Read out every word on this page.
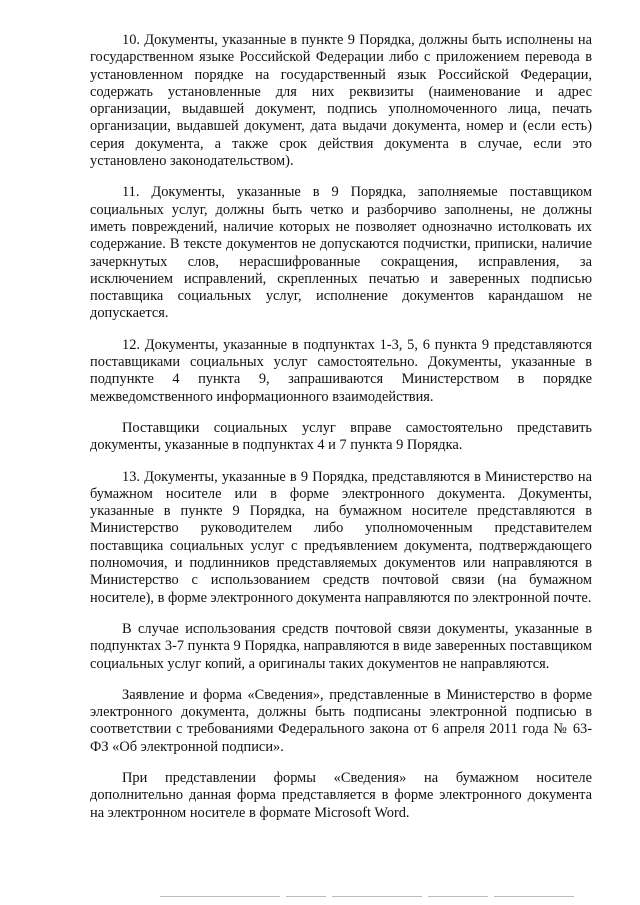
10. Документы, указанные в пункте 9 Порядка, должны быть исполнены на государственном языке Российской Федерации либо с приложением перевода в установленном порядке на государственный язык Российской Федерации, содержать установленные для них реквизиты (наименование и адрес организации, выдавшей документ, подпись уполномоченного лица, печать организации, выдавшей документ, дата выдачи документа, номер и (если есть) серия документа, а также срок действия документа в случае, если это установлено законодательством).

11. Документы, указанные в 9 Порядка, заполняемые поставщиком социальных услуг, должны быть четко и разборчиво заполнены, не должны иметь повреждений, наличие которых не позволяет однозначно истолковать их содержание. В тексте документов не допускаются подчистки, приписки, наличие зачеркнутых слов, нерасшифрованные сокращения, исправления, за исключением исправлений, скрепленных печатью и заверенных подписью поставщика социальных услуг, исполнение документов карандашом не допускается.

12. Документы, указанные в подпунктах 1-3, 5, 6 пункта 9 представляются поставщиками социальных услуг самостоятельно. Документы, указанные в подпункте 4 пункта 9, запрашиваются Министерством в порядке межведомственного информационного взаимодействия.

Поставщики социальных услуг вправе самостоятельно представить документы, указанные в подпунктах 4 и 7 пункта 9 Порядка.

13. Документы, указанные в 9 Порядка, представляются в Министерство на бумажном носителе или в форме электронного документа. Документы, указанные в пункте 9 Порядка, на бумажном носителе представляются в Министерство руководителем либо уполномоченным представителем поставщика социальных услуг с предъявлением документа, подтверждающего полномочия, и подлинников представляемых документов или направляются в Министерство с использованием средств почтовой связи (на бумажном носителе), в форме электронного документа направляются по электронной почте.

В случае использования средств почтовой связи документы, указанные в подпунктах 3-7 пункта 9 Порядка, направляются в виде заверенных поставщиком социальных услуг копий, а оригиналы таких документов не направляются.

Заявление и форма «Сведения», представленные в Министерство в форме электронного документа, должны быть подписаны электронной подписью в соответствии с требованиями Федерального закона от 6 апреля 2011 года № 63-ФЗ «Об электронной подписи».

При представлении формы «Сведения» на бумажном носителе дополнительно данная форма представляется в форме электронного документа на электронном носителе в формате Microsoft Word.
